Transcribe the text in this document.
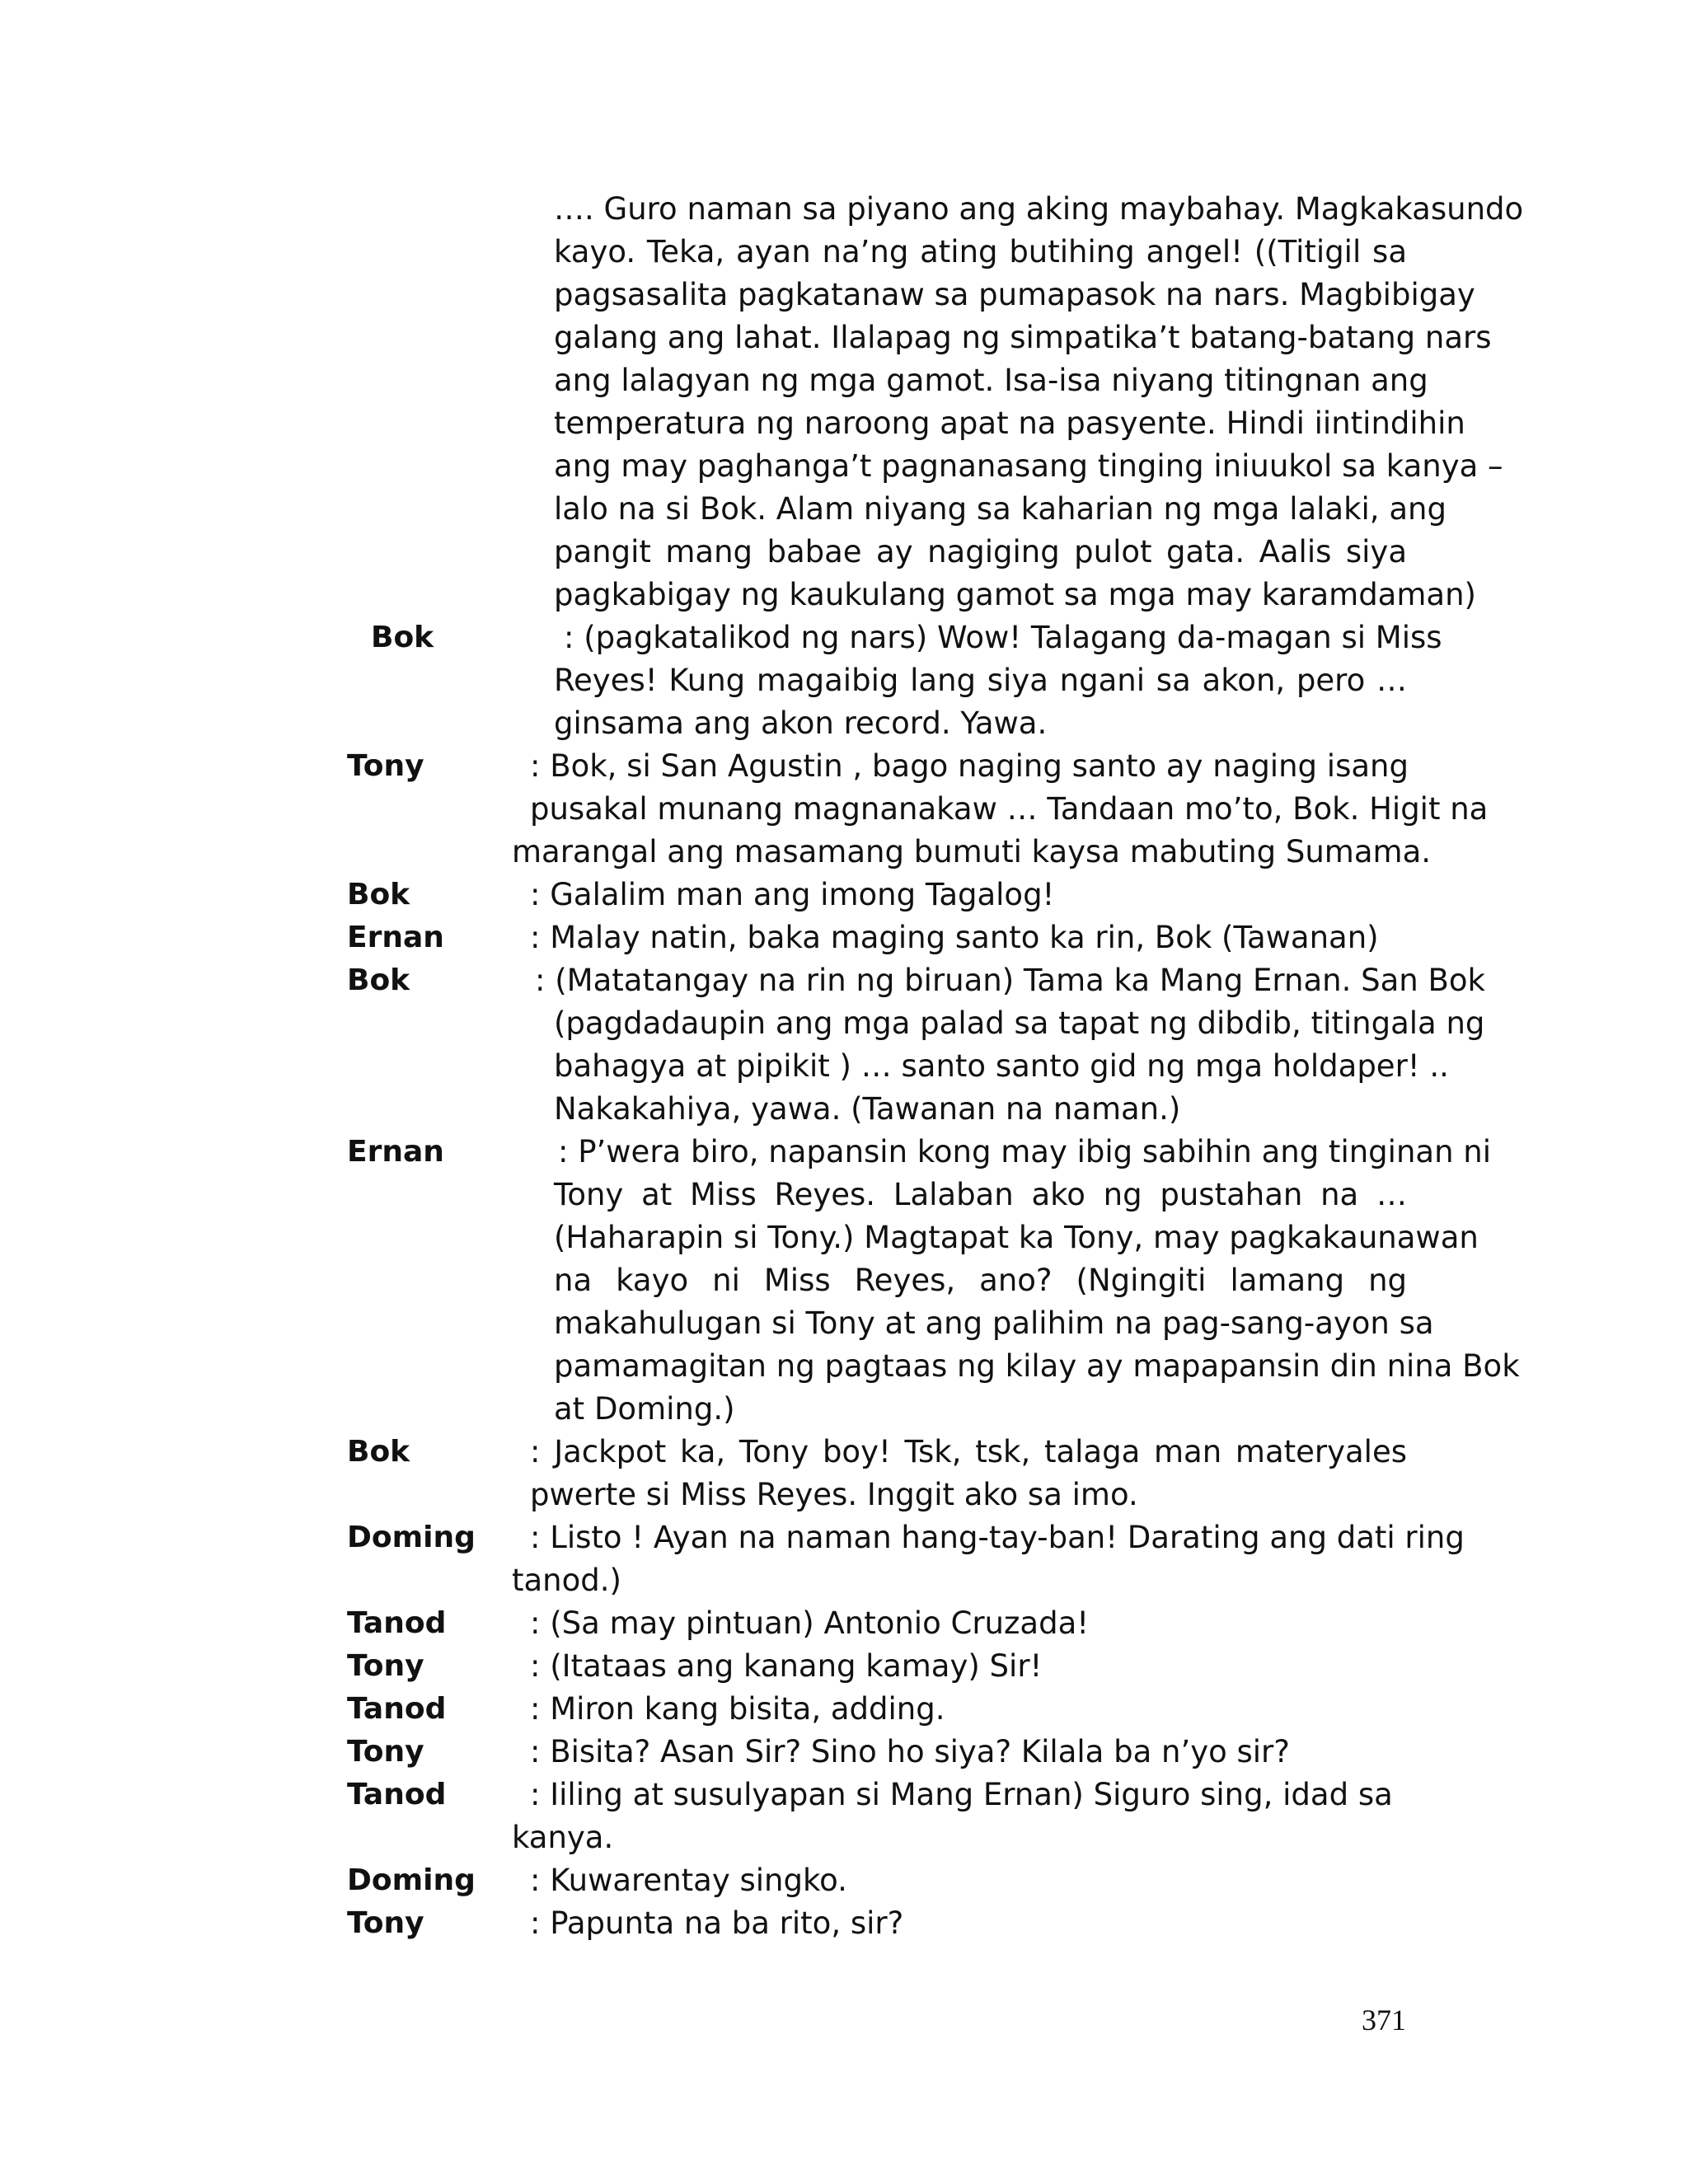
…. Guro naman sa piyano ang aking maybahay. Magkakasundo
kayo. Teka, ayan na’ng ating butihing angel! ((Titigil sa
pagsasalita pagkatanaw sa pumapasok na nars. Magbibigay
galang ang lahat. Ilalapag ng simpatika’t batang-batang nars
ang lalagyan ng mga gamot. Isa-isa niyang titingnan ang
temperatura ng naroong apat na pasyente. Hindi iintindihin
ang may paghanga’t pagnanasang tinging iniuukol sa kanya –
lalo na si Bok. Alam niyang sa kaharian ng mga lalaki, ang
pangit mang babae ay nagiging pulot gata. Aalis siya
pagkabigay ng kaukulang gamot sa mga may karamdaman)
Bok	: (pagkatalikod ng nars) Wow! Talagang da-magan si Miss
Reyes! Kung magaibig lang siya ngani sa akon, pero …
ginsama ang akon record. Yawa.
Tony	: Bok, si San Agustin , bago naging santo ay naging isang
pusakal munang magnanakaw … Tandaan mo’to, Bok. Higit na
marangal ang masamang bumuti kaysa mabuting Sumama.
Bok	: Galalim man ang imong Tagalog!
Ernan	: Malay natin, baka maging santo ka rin, Bok (Tawanan)
Bok	: (Matatangay na rin ng biruan) Tama ka Mang Ernan. San Bok
(pagdadaupin ang mga palad sa tapat ng dibdib, titingala ng
bahagya at pipikit ) … santo santo gid ng mga holdaper! ..
Nakakahiya, yawa. (Tawanan na naman.)
Ernan	: P’wera biro, napansin kong may ibig sabihin ang tinginan ni
Tony at Miss Reyes. Lalaban ako ng pustahan na …
(Haharapin si Tony.) Magtapat ka Tony, may pagkakaunawan
na kayo ni Miss Reyes, ano? (Ngingiti lamang ng
makahulugan si Tony at ang palihim na pag-sang-ayon sa
pamamagitan ng pagtaas ng kilay ay mapapansin din nina Bok
at Doming.)
Bok	: Jackpot ka, Tony boy! Tsk, tsk, talaga man materyales
pwerte si Miss Reyes. Inggit ako sa imo.
Doming : Listo ! Ayan na naman hang-tay-ban! Darating ang dati ring
tanod.)
Tanod	: (Sa may pintuan) Antonio Cruzada!
Tony	: (Itataas ang kanang kamay) Sir!
Tanod	: Miron kang bisita, adding.
Tony	: Bisita? Asan Sir? Sino ho siya? Kilala ba n’yo sir?
Tanod	: Iiling at susulyapan si Mang Ernan) Siguro sing, idad sa
kanya.
Doming : Kuwarentay singko.
Tony	: Papunta na ba rito, sir?
371
